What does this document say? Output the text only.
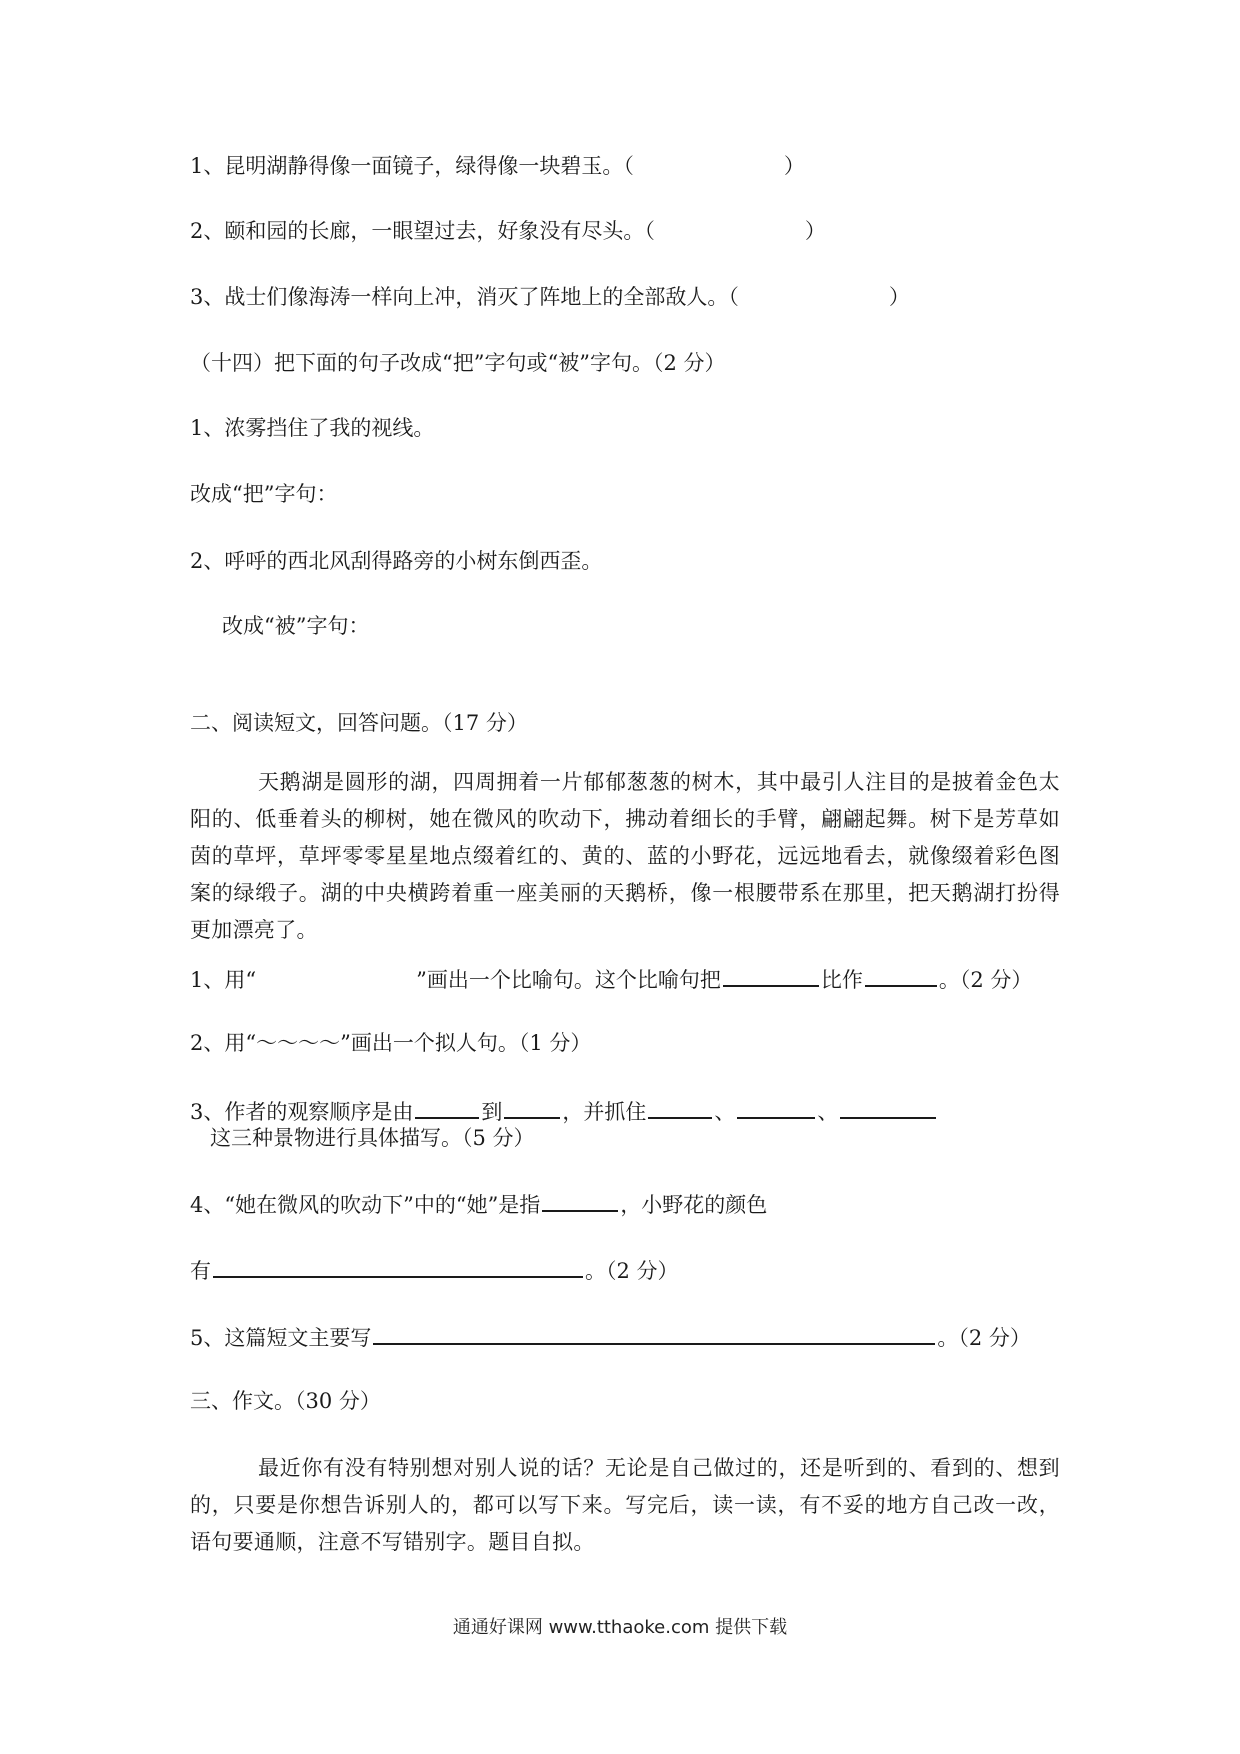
1、昆明湖静得像一面镜子，绿得像一块碧玉。（	）
2、颐和园的长廊，一眼望过去，好象没有尽头。（	）
3、战士们像海涛一样向上冲，消灭了阵地上的全部敌人。（	）
（十四）把下面的句子改成“把”字句或“被”字句。（2 分）
1、浓雾挡住了我的视线。
改成“把”字句：
2、呼呼的西北风刮得路旁的小树东倒西歪。
改成“被”字句：
二、阅读短文，回答问题。（17 分）
天鹅湖是圆形的湖，四周拥着一片郁郁葱葱的树木，其中最引人注目的是披着金色太阳的、低垂着头的柳树，她在微风的吹动下，拂动着细长的手臂，翩翩起舞。树下是芳草如茵的草坪，草坪零零星星地点缀着红的、黄的、蓝的小野花，远远地看去，就像缀着彩色图案的绿缎子。湖的中央横跨着重一座美丽的天鹅桥，像一根腰带系在那里，把天鹅湖打扮得更加漂亮了。
1、用“	”画出一个比喻句。这个比喻句把	比作	。（2 分）
2、用“～～～～”画出一个拟人句。（1 分）
3、作者的观察顺序是由	到	，并抓住	、	、
这三种景物进行具体描写。（5 分）
4、“她在微风的吹动下”中的“她”是指	，小野花的颜色
有	。（2 分）
5、这篇短文主要写	。（2 分）
三、作文。（30 分）
最近你有没有特别想对别人说的话？无论是自己做过的，还是听到的、看到的、想到的，只要是你想告诉别人的，都可以写下来。写完后，读一读，有不妥的地方自己改一改，语句要通顺，注意不写错别字。题目自拟。
通通好课网 www.tthaoke.com 提供下载
